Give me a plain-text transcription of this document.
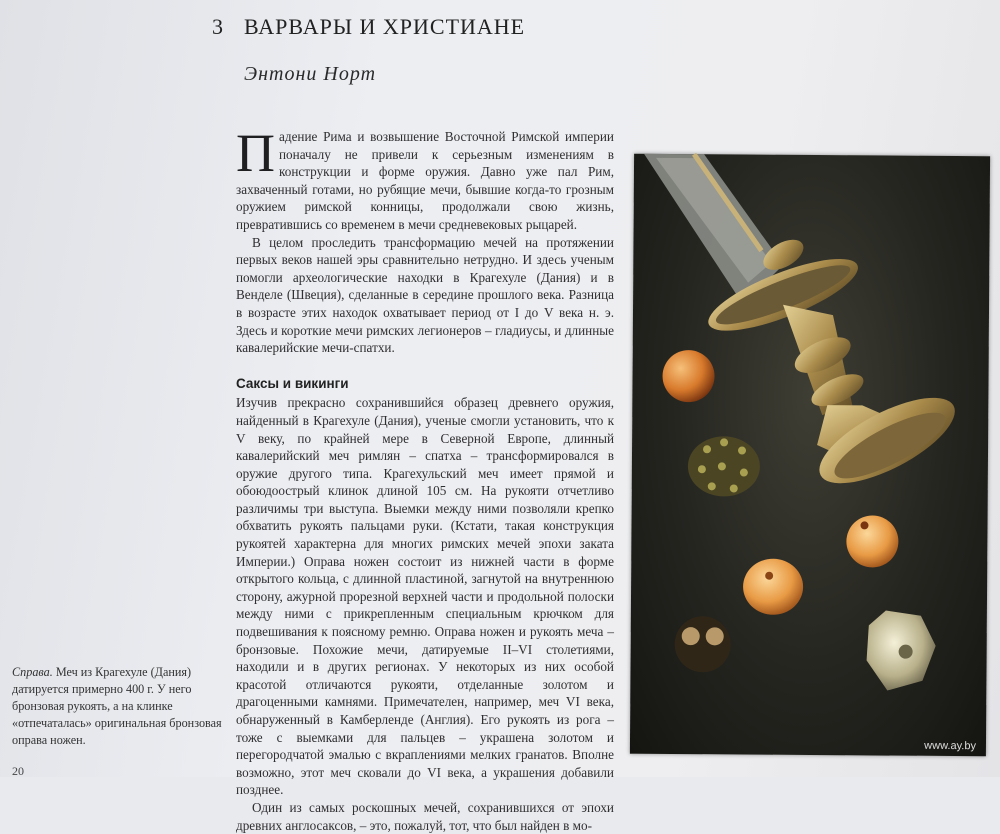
3 ВАРВАРЫ И ХРИСТИАНЕ
Энтони Норт

Падение Рима и возвышение Восточной Римской империи поначалу не привели к серьезным изменениям в конструкции и форме оружия. Давно уже пал Рим, захваченный готами, но рубящие мечи, бывшие когда-то грозным оружием римской конницы, продолжали свою жизнь, превратившись со временем в мечи средневековых рыцарей.

В целом проследить трансформацию мечей на протяжении первых веков нашей эры сравнительно нетрудно. И здесь ученым помогли археологические находки в Крагехуле (Дания) и в Венделе (Швеция), сделанные в середине прошлого века. Разница в возрасте этих находок охватывает период от I до V века н. э. Здесь и короткие мечи римских легионеров – гладиусы, и длинные кавалерийские мечи-спатхи.

Саксы и викинги

Изучив прекрасно сохранившийся образец древнего оружия, найденный в Крагехуле (Дания), ученые смогли установить, что к V веку, по крайней мере в Северной Европе, длинный кавалерийский меч римлян – спатха – трансформировался в оружие другого типа. Крагехульский меч имеет прямой и обоюдоострый клинок длиной 105 см. На рукояти отчетливо различимы три выступа. Выемки между ними позволяли крепко обхватить рукоять пальцами руки. (Кстати, такая конструкция рукоятей характерна для многих римских мечей эпохи заката Империи.) Оправа ножен состоит из нижней части в форме открытого кольца, с длинной пластиной, загнутой на внутреннюю сторону, ажурной прорезной верхней части и продольной полоски между ними с прикрепленным специальным крючком для подвешивания к поясному ремню. Оправа ножен и рукоять меча – бронзовые. Похожие мечи, датируемые II–VI столетиями, находили и в других регионах. У некоторых из них особой красотой отличаются рукояти, отделанные золотом и драгоценными камнями. Примечателен, например, меч VI века, обнаруженный в Камберленде (Англия). Его рукоять из рога – тоже с выемками для пальцев – украшена золотом и перегородчатой эмалью с вкраплениями мелких гранатов. Вполне возможно, этот меч сковали до VI века, а украшения добавили позднее.

Один из самых роскошных мечей, сохранившихся от эпохи древних англосаксов, – это, пожалуй, тот, что был найден в мо-

Справа. Меч из Крагехуле (Дания) датируется примерно 400 г. У него бронзовая рукоять, а на клинке «отпечаталась» оригинальная бронзовая оправа ножен.
20
www.ay.by
